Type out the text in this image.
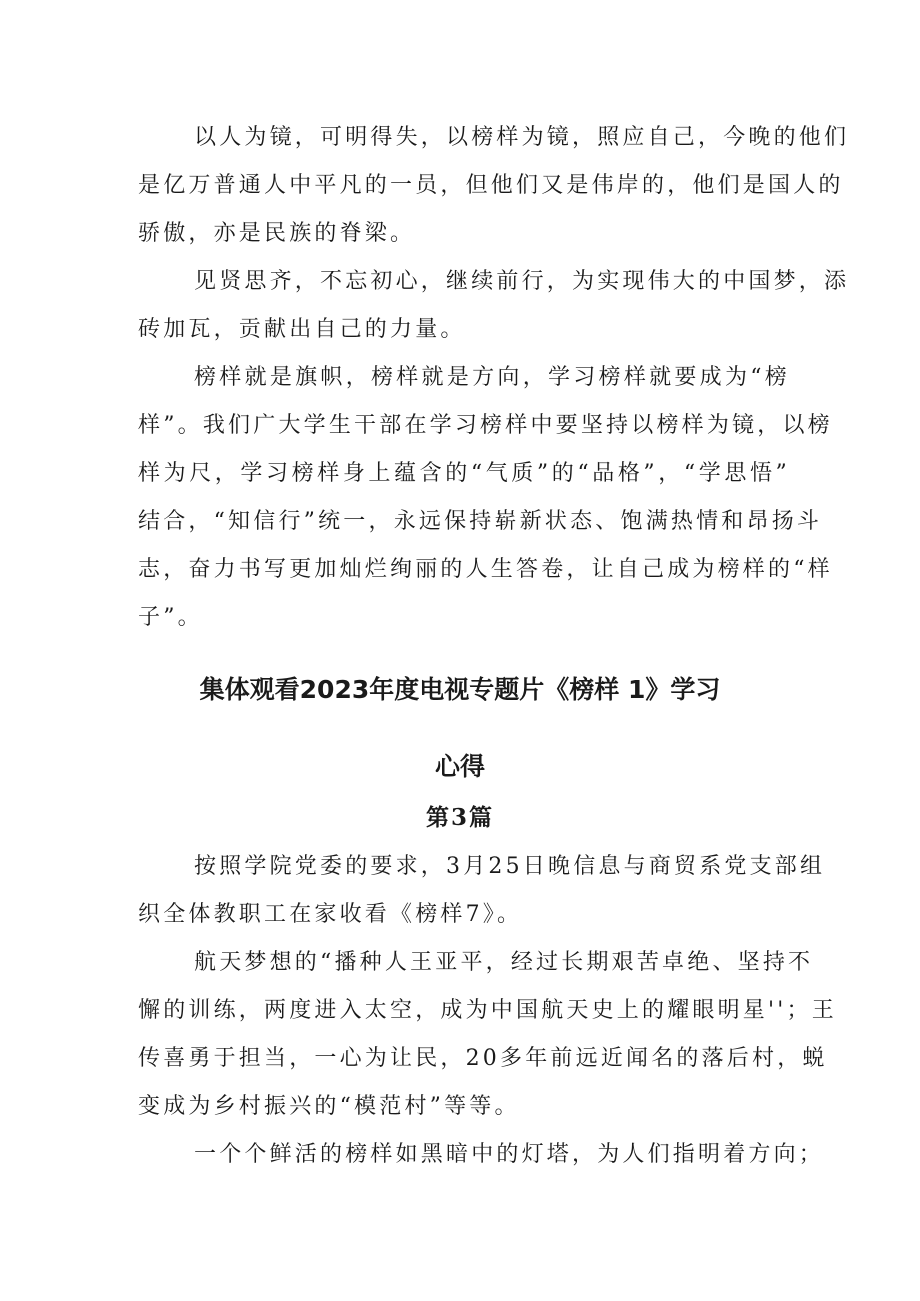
以人为镜，可明得失，以榜样为镜，照应自己，今晚的他们
是亿万普通人中平凡的一员，但他们又是伟岸的，他们是国人的
骄傲，亦是民族的脊梁。
见贤思齐，不忘初心，继续前行，为实现伟大的中国梦，添
砖加瓦，贡献出自己的力量。
榜样就是旗帜，榜样就是方向，学习榜样就要成为“榜
样”。我们广大学生干部在学习榜样中要坚持以榜样为镜，以榜
样为尺，学习榜样身上蕴含的“气质”的“品格”，“学思悟”
结合，“知信行”统一，永远保持崭新状态、饱满热情和昂扬斗
志，奋力书写更加灿烂绚丽的人生答卷，让自己成为榜样的“样
子”。
集体观看2023年度电视专题片《榜样 1》学习
心得
第3篇
按照学院党委的要求，3月25日晚信息与商贸系党支部组
织全体教职工在家收看《榜样7》。
航天梦想的“播种人王亚平，经过长期艰苦卓绝、坚持不
懈的训练，两度进入太空，成为中国航天史上的耀眼明星''；王
传喜勇于担当，一心为让民，20多年前远近闻名的落后村，蜕
变成为乡村振兴的“模范村”等等。
一个个鲜活的榜样如黑暗中的灯塔，为人们指明着方向；
